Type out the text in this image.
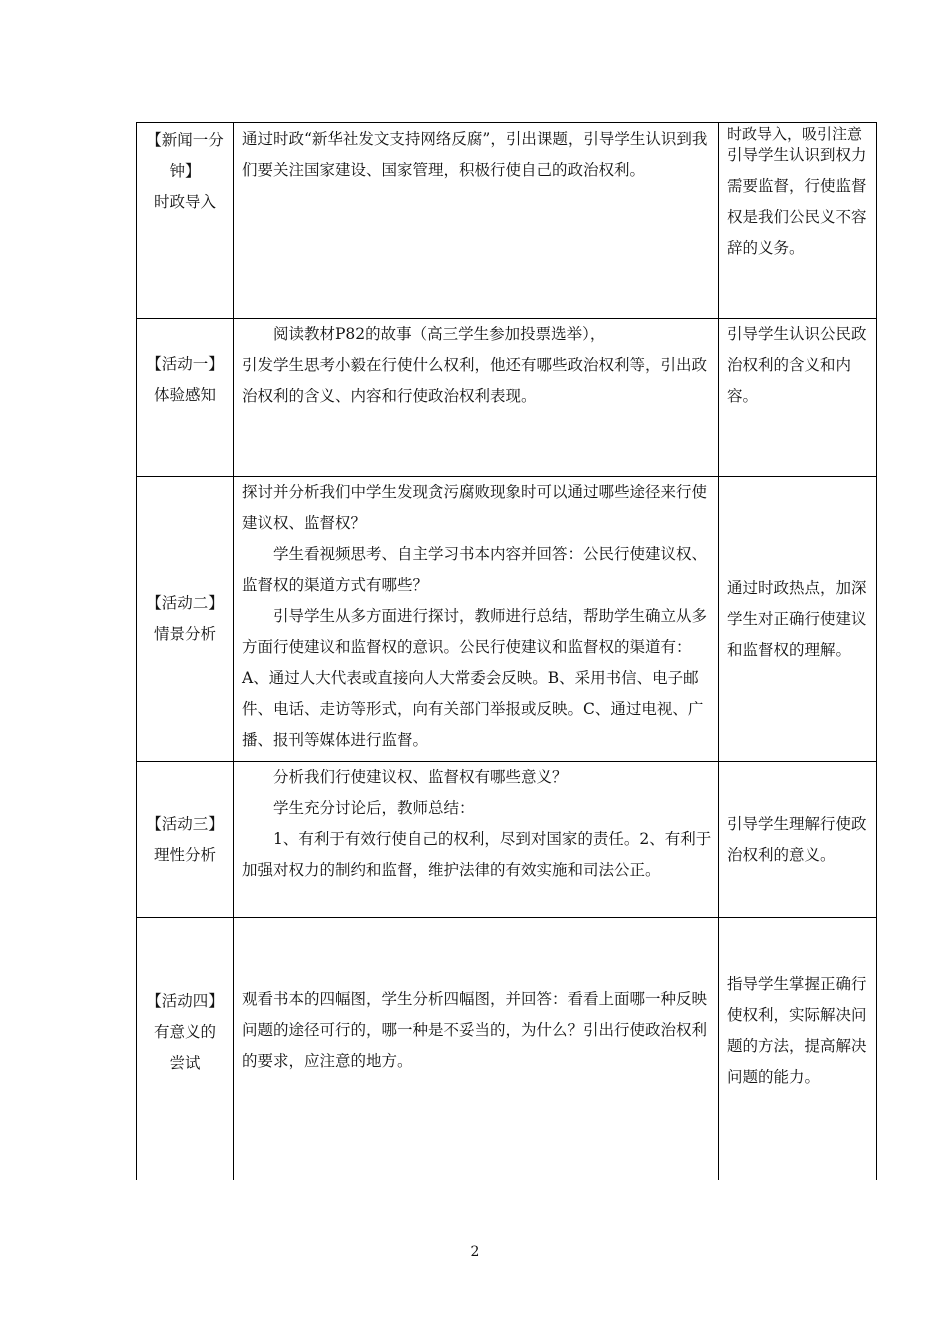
【新闻一分
钟】
时政导入	通过时政“新华社发文支持网络反腐”，引出课题，引导学生认识到我们要关注国家建设、国家管理，积极行使自己的政治权利。	时政导入，吸引注意
引导学生认识到权力需要监督，行使监督权是我们公民义不容辞的义务。

【活动一】
体验感知	阅读教材P82的故事（高三学生参加投票选举），
引发学生思考小毅在行使什么权利，他还有哪些政治权利等，引出政治权利的含义、内容和行使政治权利表现。	引导学生认识公民政治权利的含义和内容。

【活动二】
情景分析	探讨并分析我们中学生发现贪污腐败现象时可以通过哪些途径来行使建议权、监督权？
学生看视频思考、自主学习书本内容并回答：公民行使建议权、监督权的渠道方式有哪些？
引导学生从多方面进行探讨，教师进行总结，帮助学生确立从多方面行使建议和监督权的意识。公民行使建议和监督权的渠道有：A、通过人大代表或直接向人大常委会反映。B、采用书信、电子邮件、电话、走访等形式，向有关部门举报或反映。C、通过电视、广播、报刊等媒体进行监督。	通过时政热点，加深学生对正确行使建议和监督权的理解。

【活动三】
理性分析	分析我们行使建议权、监督权有哪些意义？
学生充分讨论后，教师总结：
1、有利于有效行使自己的权利，尽到对国家的责任。2、有利于加强对权力的制约和监督，维护法律的有效实施和司法公正。	引导学生理解行使政治权利的意义。

【活动四】
有意义的
尝试	观看书本的四幅图，学生分析四幅图，并回答：看看上面哪一种反映问题的途径可行的，哪一种是不妥当的，为什么？引出行使政治权利的要求，应注意的地方。	指导学生掌握正确行使权利，实际解决问题的方法，提高解决问题的能力。
2
